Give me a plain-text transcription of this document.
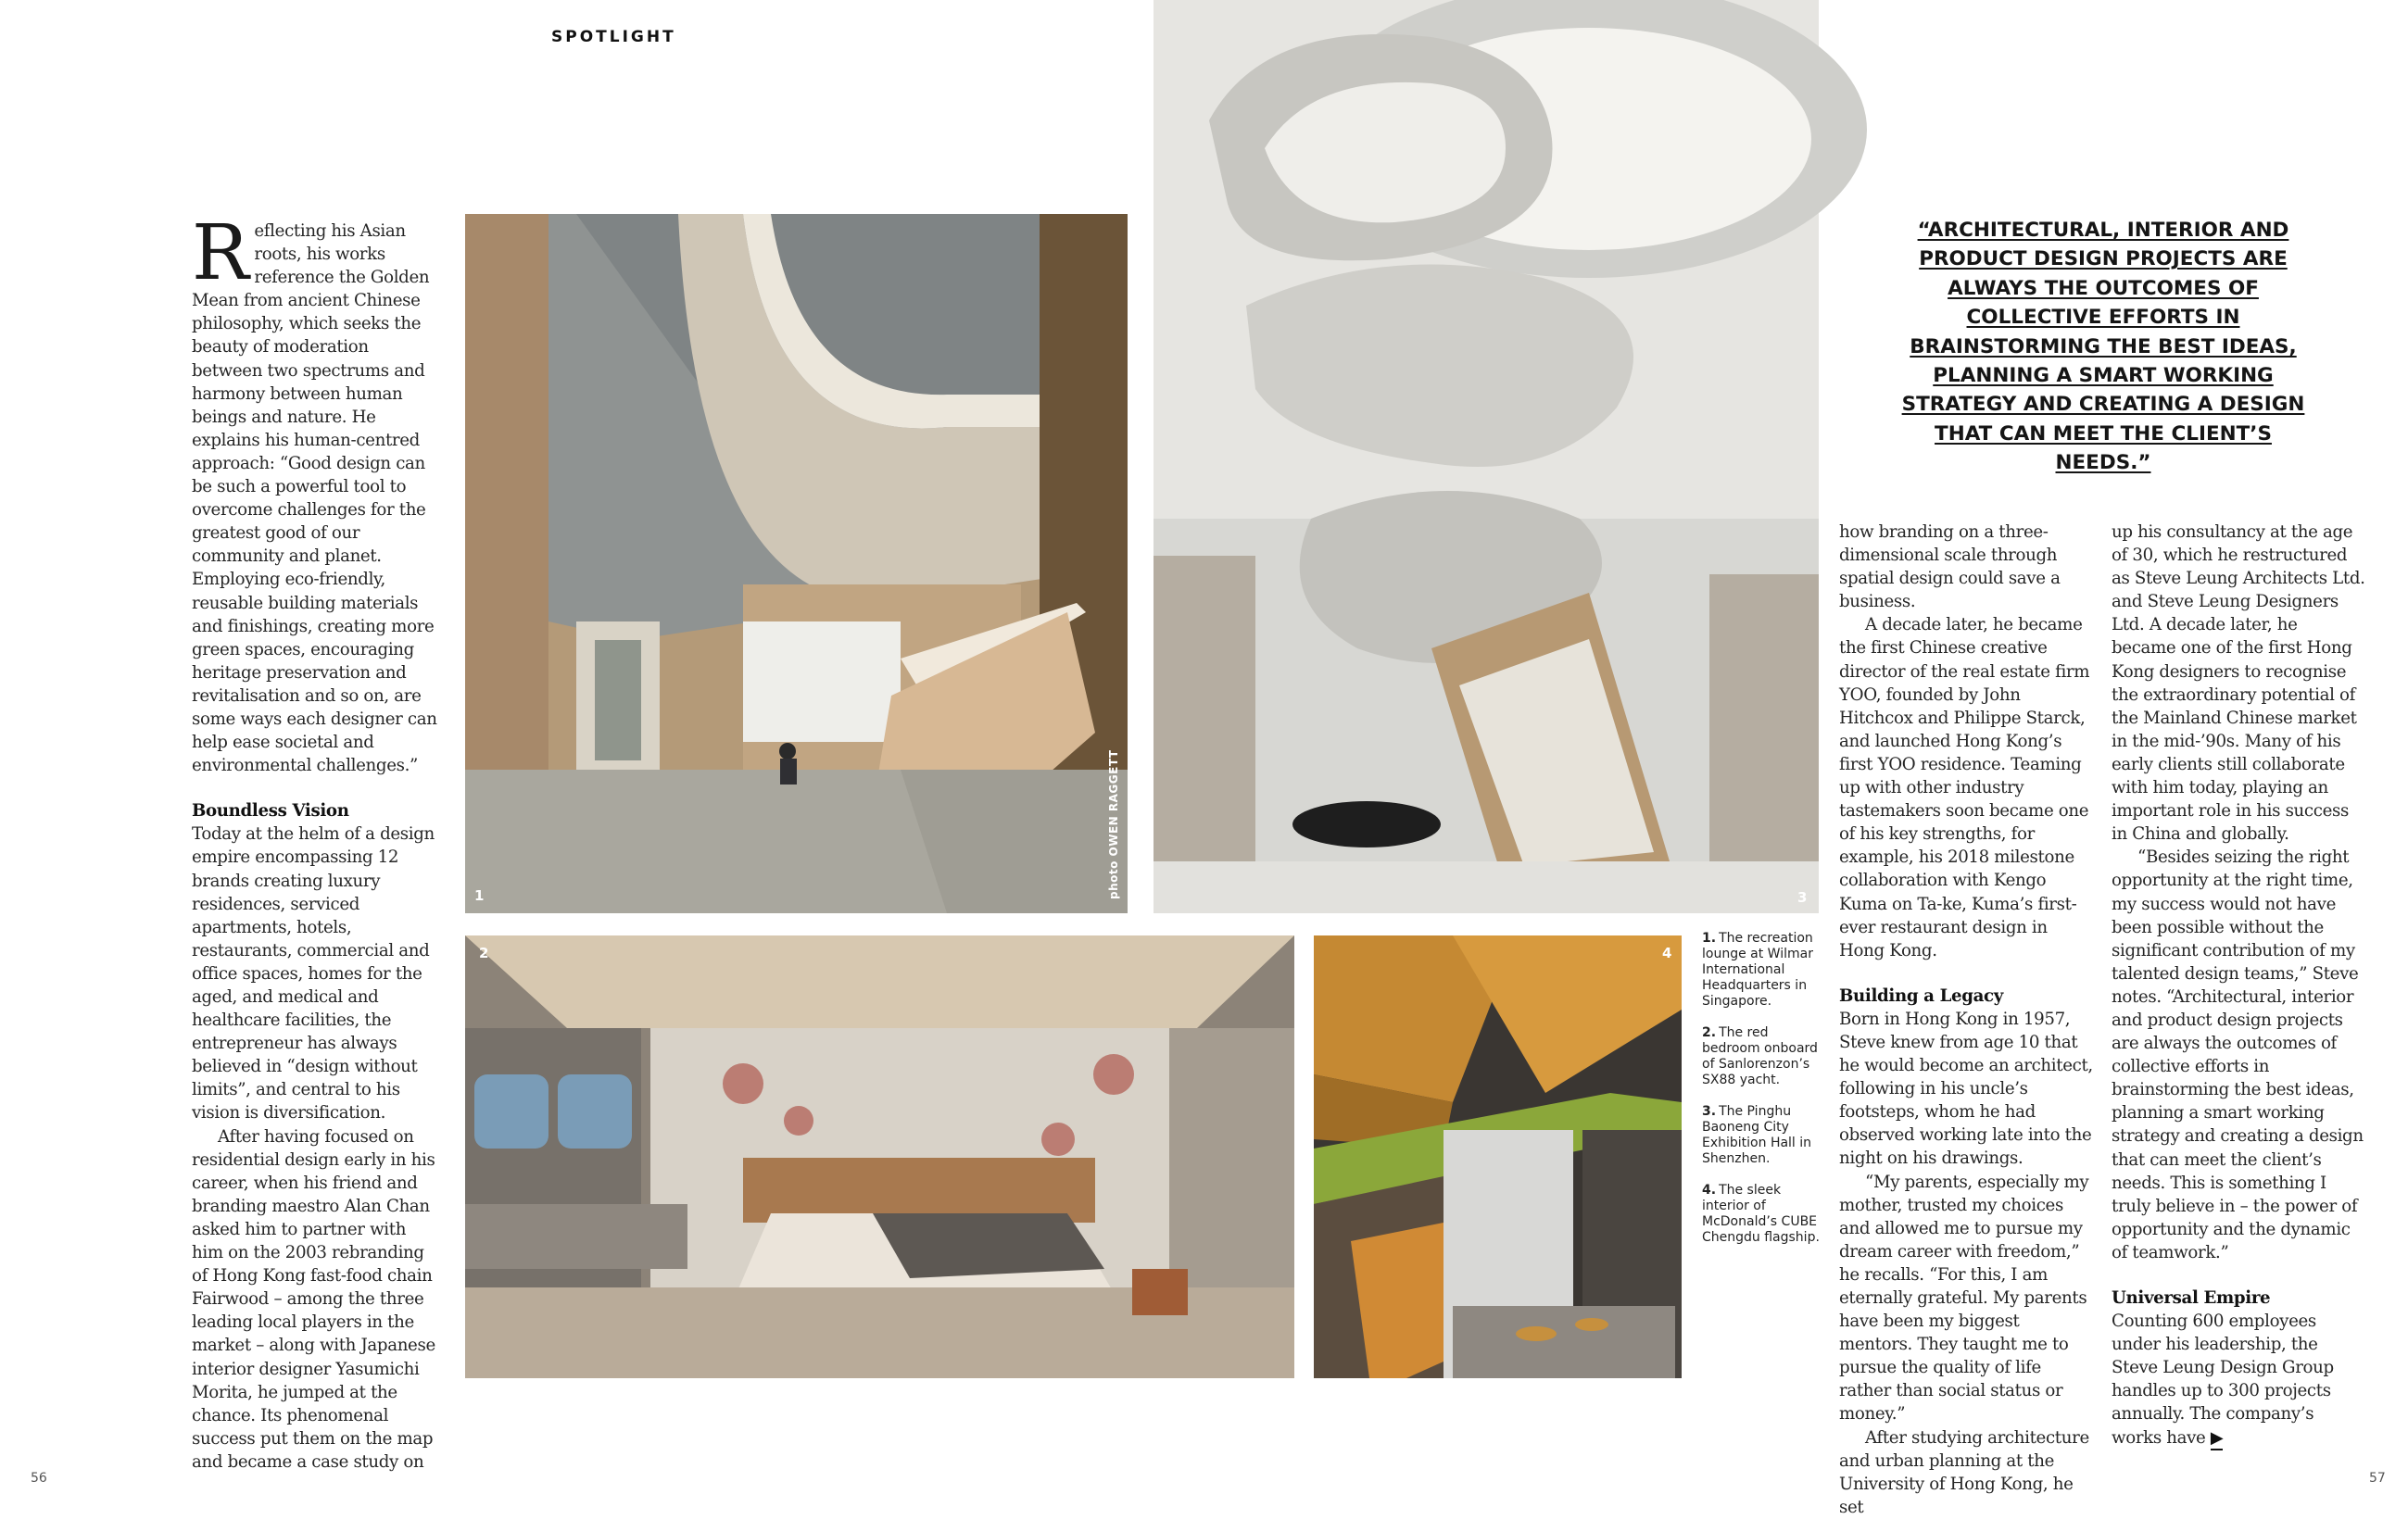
SPOTLIGHT

Reflecting his Asian roots, his works reference the Golden Mean from ancient Chinese philosophy, which seeks the beauty of moderation between two spectrums and harmony between human beings and nature. He explains his human-centred approach: “Good design can be such a powerful tool to overcome challenges for the greatest good of our community and planet. Employing eco-friendly, reusable building materials and finishings, creating more green spaces, encouraging heritage preservation and revitalisation and so on, are some ways each designer can help ease societal and environmental challenges.”

Boundless Vision

Today at the helm of a design empire encompassing 12 brands creating luxury residences, serviced apartments, hotels, restaurants, commercial and office spaces, homes for the aged, and medical and healthcare facilities, the entrepreneur has always believed in “design without limits”, and central to his vision is diversification.

After having focused on residential design early in his career, when his friend and branding maestro Alan Chan asked him to partner with him on the 2003 rebranding of Hong Kong fast-food chain Fairwood – among the three leading local players in the market – along with Japanese interior designer Yasumichi Morita, he jumped at the chance. Its phenomenal success put them on the map and became a case study on

1	photo OWEN RAGGETT	3
“ARCHITECTURAL, INTERIOR AND PRODUCT DESIGN PROJECTS ARE ALWAYS THE OUTCOMES OF COLLECTIVE EFFORTS IN BRAINSTORMING THE BEST IDEAS, PLANNING A SMART WORKING STRATEGY AND CREATING A DESIGN THAT CAN MEET THE CLIENT’S NEEDS.”
2	4
1. The recreation lounge at Wilmar International Headquarters in Singapore.
2. The red bedroom onboard of Sanlorenzon’s SX88 yacht.
3. The Pinghu Baoneng City Exhibition Hall in Shenzhen.
4. The sleek interior of McDonald’s CUBE Chengdu flagship.

how branding on a three-dimensional scale through spatial design could save a business.

A decade later, he became the first Chinese creative director of the real estate firm YOO, founded by John Hitchcox and Philippe Starck, and launched Hong Kong’s first YOO residence. Teaming up with other industry tastemakers soon became one of his key strengths, for example, his 2018 milestone collaboration with Kengo Kuma on Ta-ke, Kuma’s first-ever restaurant design in Hong Kong.

Building a Legacy

Born in Hong Kong in 1957, Steve knew from age 10 that he would become an architect, following in his uncle’s footsteps, whom he had observed working late into the night on his drawings.

“My parents, especially my mother, trusted my choices and allowed me to pursue my dream career with freedom,” he recalls. “For this, I am eternally grateful. My parents have been my biggest mentors. They taught me to pursue the quality of life rather than social status or money.”

After studying architecture and urban planning at the University of Hong Kong, he set

up his consultancy at the age of 30, which he restructured as Steve Leung Architects Ltd. and Steve Leung Designers Ltd. A decade later, he became one of the first Hong Kong designers to recognise the extraordinary potential of the Mainland Chinese market in the mid-’90s. Many of his early clients still collaborate with him today, playing an important role in his success in China and globally.

“Besides seizing the right opportunity at the right time, my success would not have been possible without the significant contribution of my talented design teams,” Steve notes. “Architectural, interior and product design projects are always the outcomes of collective efforts in brainstorming the best ideas, planning a smart working strategy and creating a design that can meet the client’s needs. This is something I truly believe in – the power of opportunity and the dynamic of teamwork.”

Universal Empire

Counting 600 employees under his leadership, the Steve Leung Design Group handles up to 300 projects annually. The company’s works have ▶

56	57
